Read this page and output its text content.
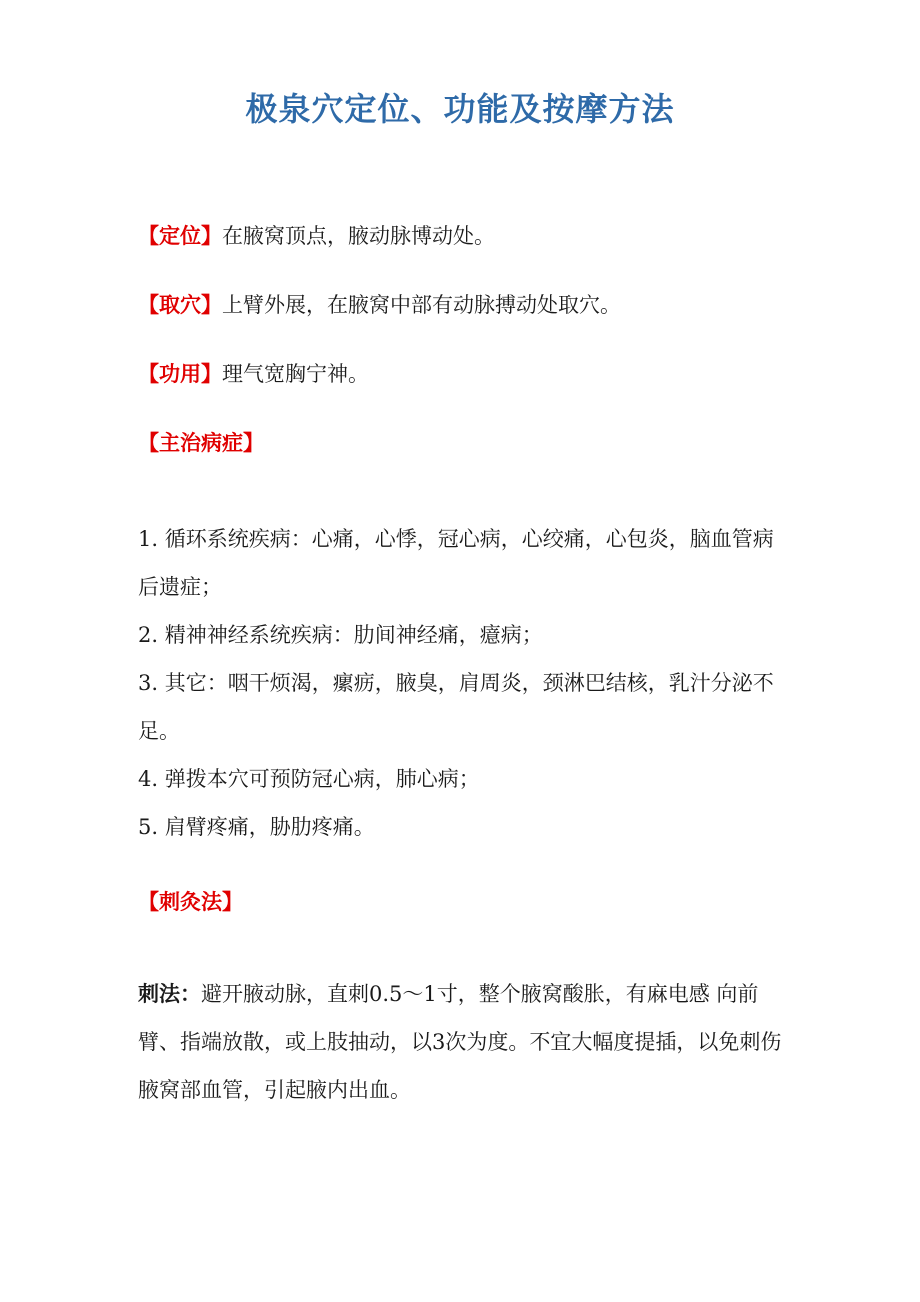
极泉穴定位、功能及按摩方法
【定位】在腋窝顶点，腋动脉博动处。
【取穴】上臂外展，在腋窝中部有动脉搏动处取穴。
【功用】理气宽胸宁神。
【主治病症】
1. 循环系统疾病：心痛，心悸，冠心病，心绞痛，心包炎，脑血管病后遗症；
2. 精神神经系统疾病：肋间神经痛，癔病；
3. 其它：咽干烦渴，瘰疬，腋臭，肩周炎，颈淋巴结核，乳汁分泌不足。
4. 弹拨本穴可预防冠心病，肺心病；
5. 肩臂疼痛，胁肋疼痛。
【刺灸法】
刺法：避开腋动脉，直刺0.5～1寸，整个腋窝酸胀，有麻电感 向前臂、指端放散，或上肢抽动，以3次为度。不宜大幅度提插，以免刺伤腋窝部血管，引起腋内出血。
